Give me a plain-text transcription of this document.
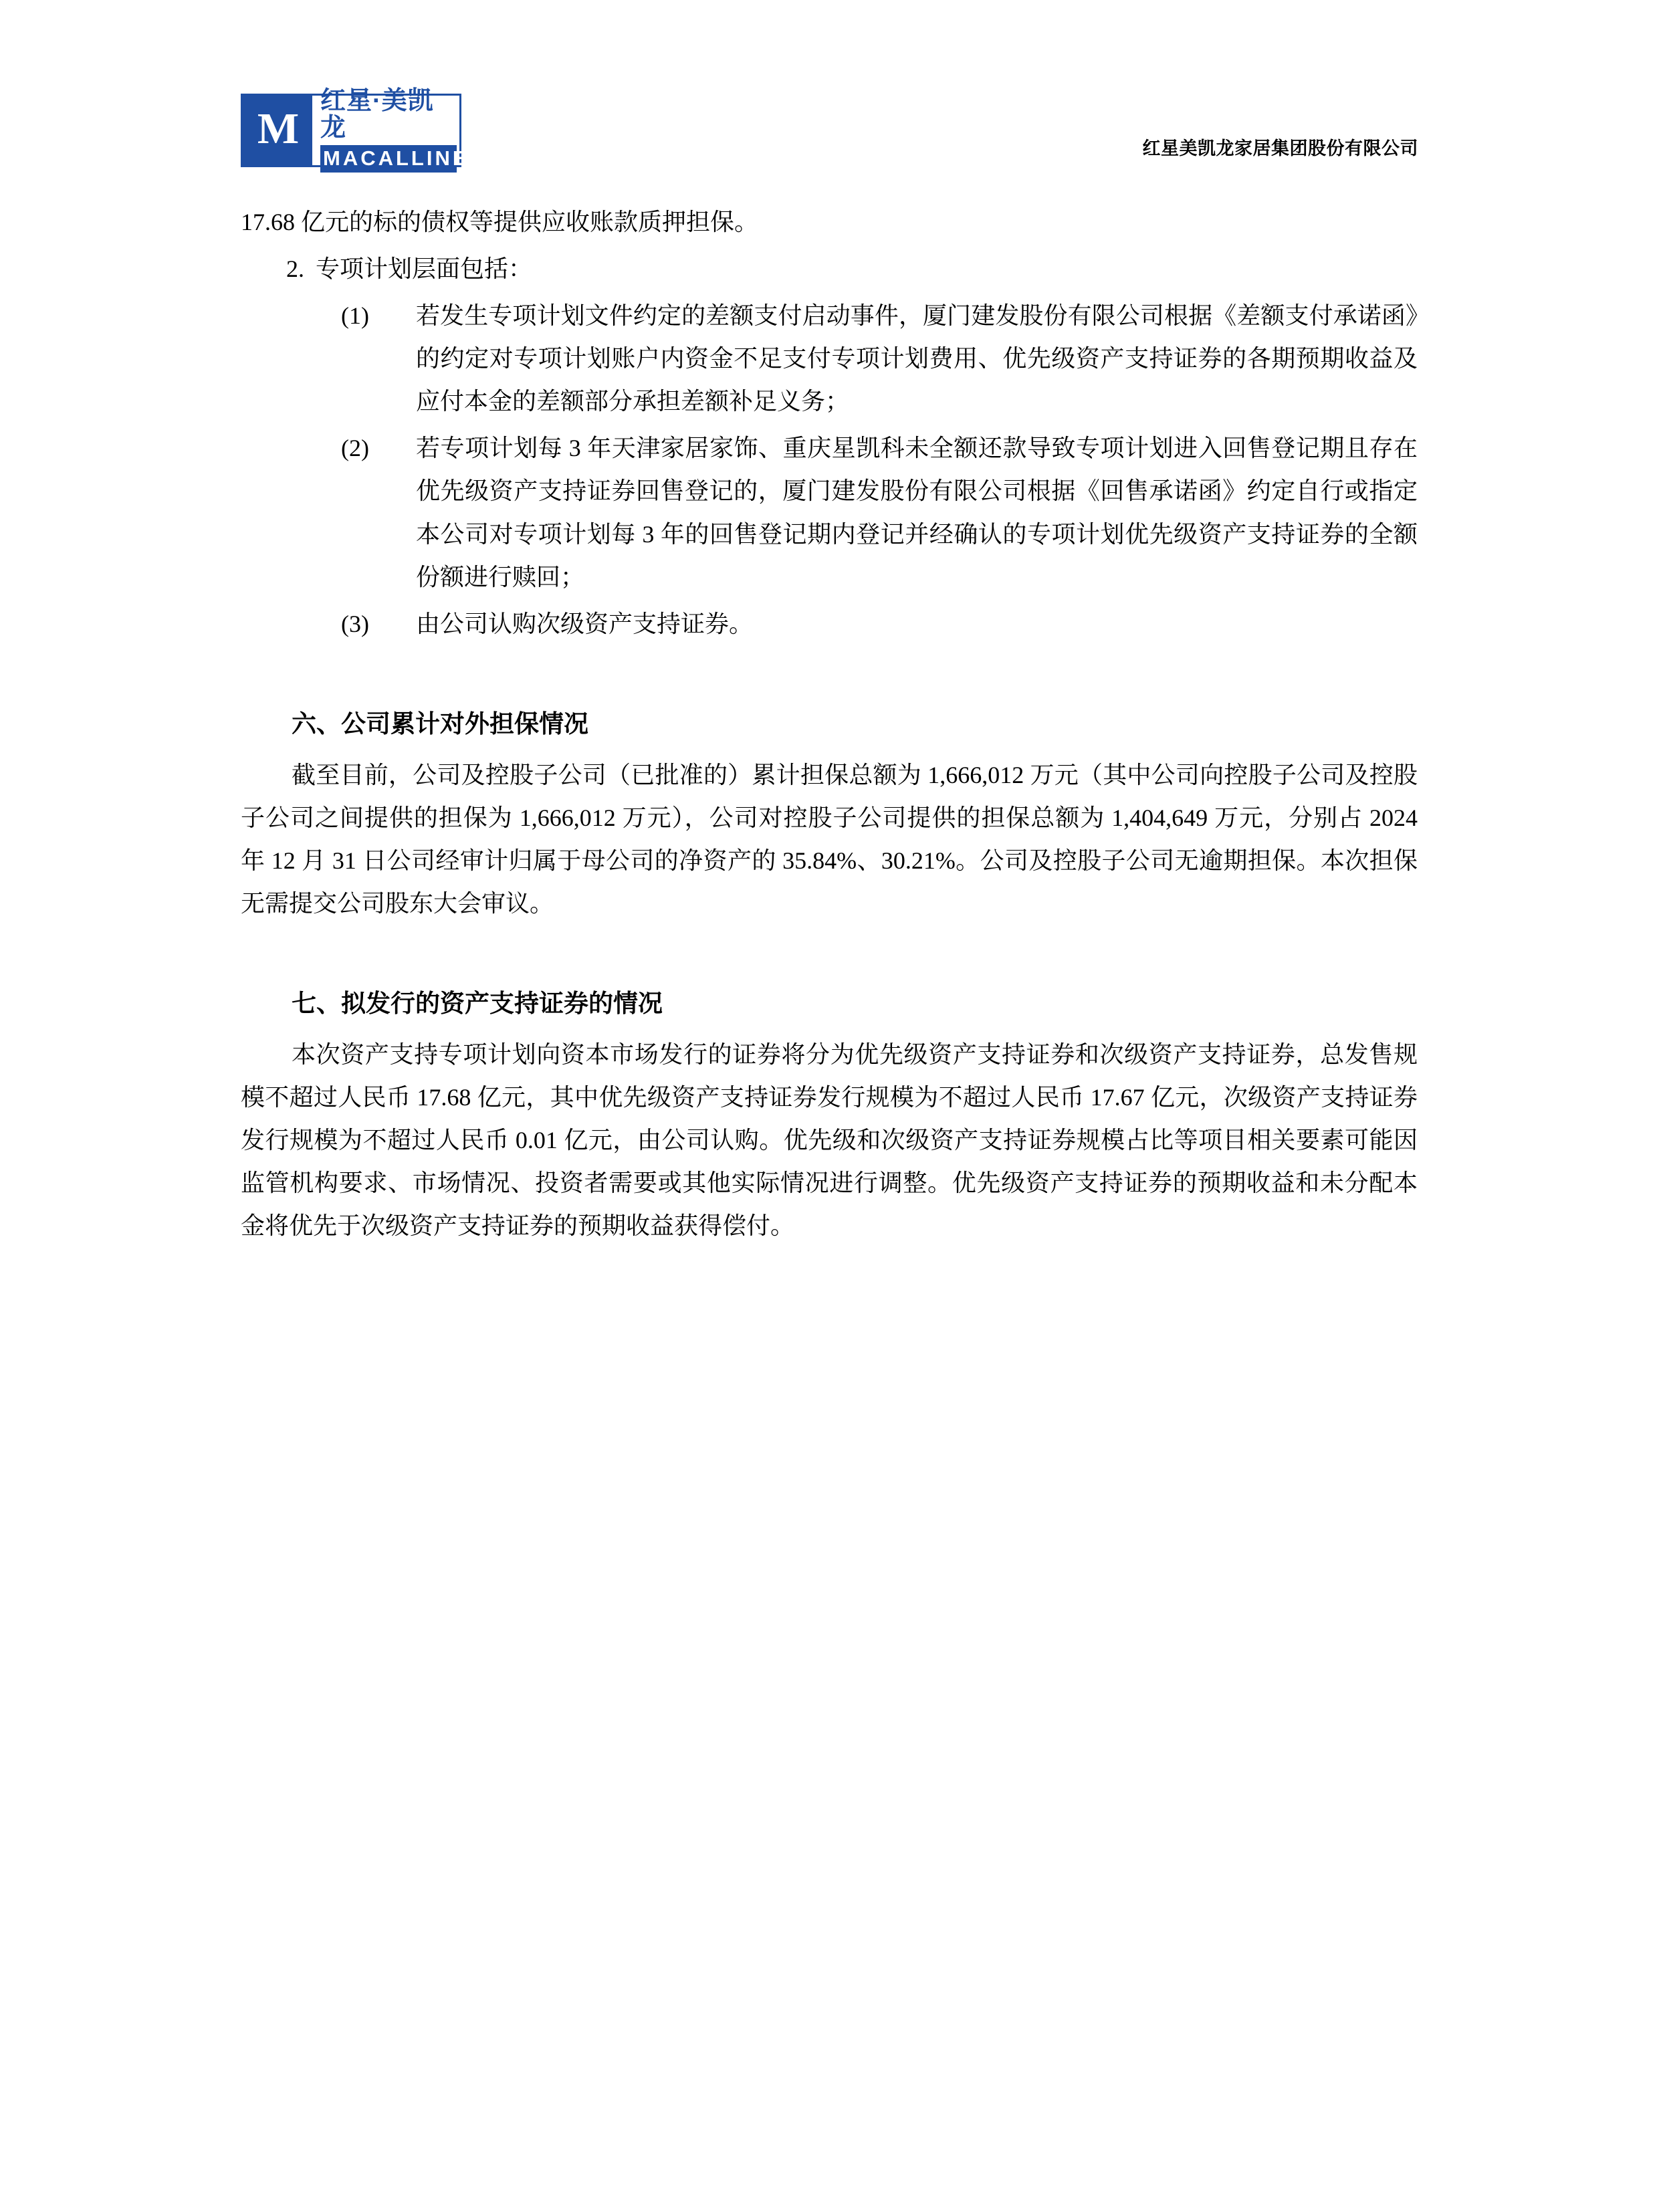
M
红星·美凯龙
MACALLINE	红星美凯龙家居集团股份有限公司

17.68 亿元的标的债权等提供应收账款质押担保。

2. 专项计划层面包括：
(1)	若发生专项计划文件约定的差额支付启动事件，厦门建发股份有限公司根据《差额支付承诺函》的约定对专项计划账户内资金不足支付专项计划费用、优先级资产支持证券的各期预期收益及应付本金的差额部分承担差额补足义务；
(2)	若专项计划每 3 年天津家居家饰、重庆星凯科未全额还款导致专项计划进入回售登记期且存在优先级资产支持证券回售登记的，厦门建发股份有限公司根据《回售承诺函》约定自行或指定本公司对专项计划每 3 年的回售登记期内登记并经确认的专项计划优先级资产支持证券的全额份额进行赎回；
(3)	由公司认购次级资产支持证券。
六、公司累计对外担保情况

截至目前，公司及控股子公司（已批准的）累计担保总额为 1,666,012 万元（其中公司向控股子公司及控股子公司之间提供的担保为 1,666,012 万元），公司对控股子公司提供的担保总额为 1,404,649 万元，分别占 2024 年 12 月 31 日公司经审计归属于母公司的净资产的 35.84%、30.21%。公司及控股子公司无逾期担保。本次担保无需提交公司股东大会审议。

七、拟发行的资产支持证券的情况

本次资产支持专项计划向资本市场发行的证券将分为优先级资产支持证券和次级资产支持证券，总发售规模不超过人民币 17.68 亿元，其中优先级资产支持证券发行规模为不超过人民币 17.67 亿元，次级资产支持证券发行规模为不超过人民币 0.01 亿元，由公司认购。优先级和次级资产支持证券规模占比等项目相关要素可能因监管机构要求、市场情况、投资者需要或其他实际情况进行调整。优先级资产支持证券的预期收益和未分配本金将优先于次级资产支持证券的预期收益获得偿付。
